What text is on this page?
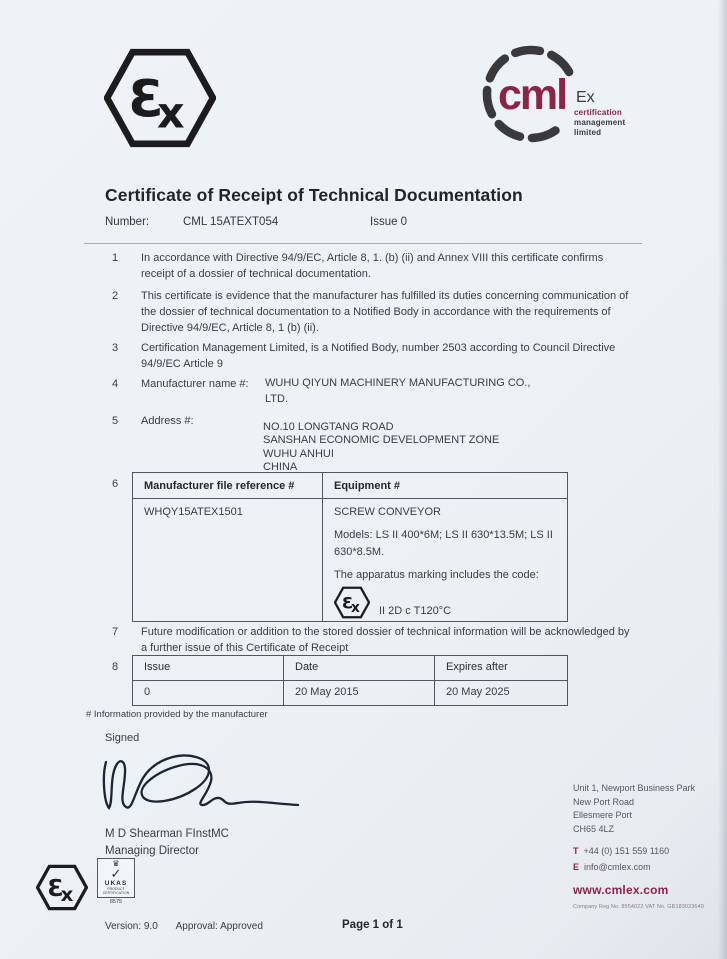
Ɛ
x	cml Ex
certification
management
limited
Certificate of Receipt of Technical Documentation
Number:	CML 15ATEXT054	Issue 0
1 In accordance with Directive 94/9/EC, Article 8, 1. (b) (ii) and Annex VIII this certificate confirms receipt of a dossier of technical documentation.
2 This certificate is evidence that the manufacturer has fulfilled its duties concerning communication of the dossier of technical documentation to a Notified Body in accordance with the requirements of Directive 94/9/EC, Article 8, 1 (b) (ii).
3 Certification Management Limited, is a Notified Body, number 2503 according to Council Directive 94/9/EC Article 9
4 Manufacturer name #: WUHU QIYUN MACHINERY MANUFACTURING CO.,
LTD.
5 Address #:	NO.10 LONGTANG ROAD
SANSHAN ECONOMIC DEVELOPMENT ZONE
WUHU ANHUI
CHINA
6	Manufacturer file reference #	Equipment #
WHQY15ATEX1501	SCREW CONVEYOR
Models: LS II 400*6M; LS II 630*13.5M; LS II 630*8.5M.
The apparatus marking includes the code:
Ɛ
x II 2D c T120°C
7 Future modification or addition to the stored dossier of technical information will be acknowledged by a further issue of this Certificate of Receipt
8	Issue	Date	Expires after
0	20 May 2015	20 May 2025
# Information provided by the manufacturer
Signed
M D Shearman FInstMC
Managing Director
Ɛ
x
♛
✓
UKAS
PRODUCT CERTIFICATION
8575
Version: 9.0 Approval: Approved	Page 1 of 1
Unit 1, Newport Business Park
New Port Road
Ellesmere Port
CH65 4LZ
T +44 (0) 151 559 1160
E info@cmlex.com
www.cmlex.com
Company Reg No. 8554022 VAT No. GB183023640
